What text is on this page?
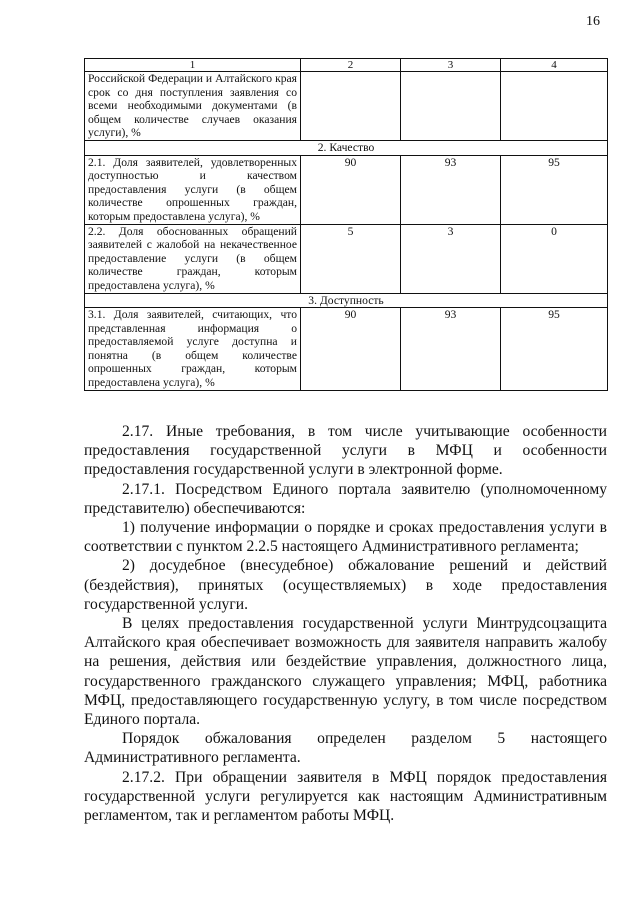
16
1	2	3	4
Российской Федерации и Алтайского края срок со дня поступления заявления со всеми необходимыми документами (в общем количестве случаев оказания услуги), %			
2. Качество			
2.1. Доля заявителей, удовлетворенных доступностью и качеством предоставления услуги (в общем количестве опрошенных граждан, которым предоставлена услуга), %	90	93	95
2.2. Доля обоснованных обращений заявителей с жалобой на некачественное предоставление услуги (в общем количестве граждан, которым предоставлена услуга), %	5	3	0
3. Доступность			
3.1. Доля заявителей, считающих, что представленная информация о предоставляемой услуге доступна и понятна (в общем количестве опрошенных граждан, которым предоставлена услуга), %	90	93	95

2.17. Иные требования, в том числе учитывающие особенности предоставления государственной услуги в МФЦ и особенности предоставления государственной услуги в электронной форме.

2.17.1. Посредством Единого портала заявителю (уполномоченному представителю) обеспечиваются:

1) получение информации о порядке и сроках предоставления услуги в соответствии с пунктом 2.2.5 настоящего Административного регламента;

2) досудебное (внесудебное) обжалование решений и действий (бездействия), принятых (осуществляемых) в ходе предоставления государственной услуги.

В целях предоставления государственной услуги Минтрудсоцзащита Алтайского края обеспечивает возможность для заявителя направить жалобу на решения, действия или бездействие управления, должностного лица, государственного гражданского служащего управления; МФЦ, работника МФЦ, предоставляющего государственную услугу, в том числе посредством Единого портала.

Порядок обжалования определен разделом 5 настоящего Административного регламента.

2.17.2. При обращении заявителя в МФЦ порядок предоставления государственной услуги регулируется как настоящим Административным регламентом, так и регламентом работы МФЦ.
